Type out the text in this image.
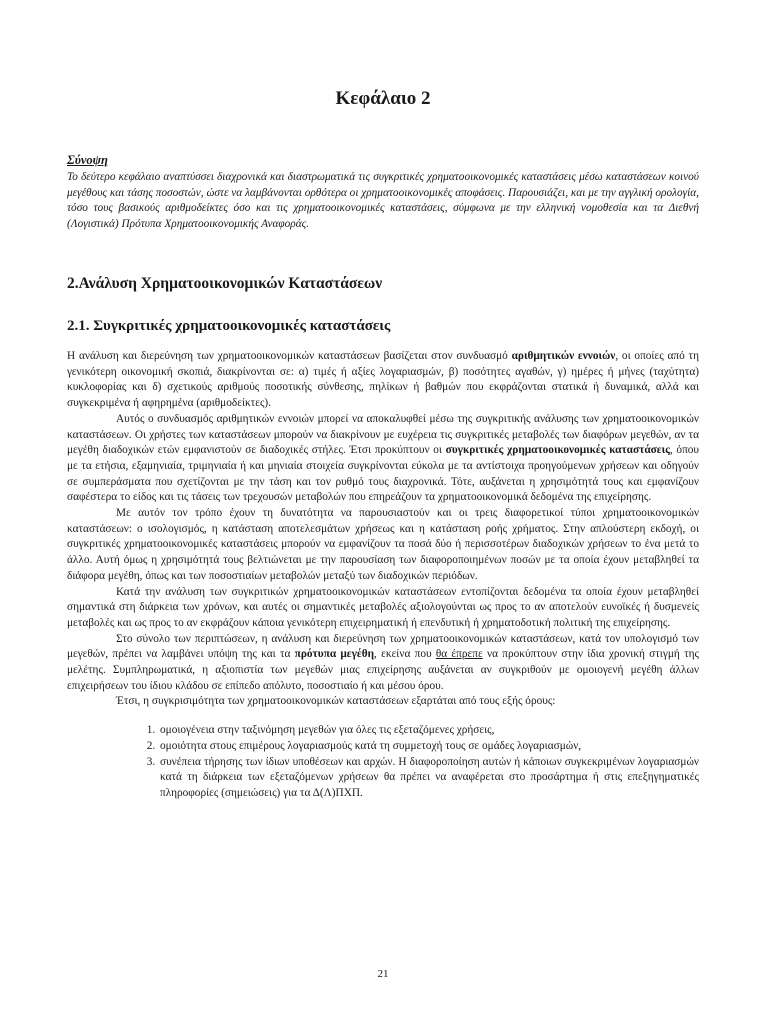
Κεφάλαιο 2
Σύνοψη

Το δεύτερο κεφάλαιο αναπτύσσει διαχρονικά και διαστρωματικά τις συγκριτικές χρηματοοικονομικές καταστάσεις μέσω καταστάσεων κοινού μεγέθους και τάσης ποσοστών, ώστε να λαμβάνονται ορθότερα οι χρηματοοικονομικές αποφάσεις. Παρουσιάζει, και με την αγγλική ορολογία, τόσο τους βασικούς αριθμοδείκτες όσο και τις χρηματοοικονομικές καταστάσεις, σύμφωνα με την ελληνική νομοθεσία και τα Διεθνή (Λογιστικά) Πρότυπα Χρηματοοικονομικής Αναφοράς.

2.Ανάλυση Χρηματοοικονομικών Καταστάσεων
2.1. Συγκριτικές χρηματοοικονομικές καταστάσεις

Η ανάλυση και διερεύνηση των χρηματοοικονομικών καταστάσεων βασίζεται στον συνδυασμό αριθμητικών εννοιών, οι οποίες από τη γενικότερη οικονομική σκοπιά, διακρίνονται σε: α) τιμές ή αξίες λογαριασμών, β) ποσότητες αγαθών, γ) ημέρες ή μήνες (ταχύτητα) κυκλοφορίας και δ) σχετικούς αριθμούς ποσοτικής σύνθεσης, πηλίκων ή βαθμών που εκφράζονται στατικά ή δυναμικά, αλλά και συγκεκριμένα ή αφηρημένα (αριθμοδείκτες).

Αυτός ο συνδυασμός αριθμητικών εννοιών μπορεί να αποκαλυφθεί μέσω της συγκριτικής ανάλυσης των χρηματοοικονομικών καταστάσεων. Οι χρήστες των καταστάσεων μπορούν να διακρίνουν με ευχέρεια τις συγκριτικές μεταβολές των διαφόρων μεγεθών, αν τα μεγέθη διαδοχικών ετών εμφανιστούν σε διαδοχικές στήλες. Έτσι προκύπτουν οι συγκριτικές χρηματοοικονομικές καταστάσεις, όπου με τα ετήσια, εξαμηνιαία, τριμηνιαία ή και μηνιαία στοιχεία συγκρίνονται εύκολα με τα αντίστοιχα προηγούμενων χρήσεων και οδηγούν σε συμπεράσματα που σχετίζονται με την τάση και τον ρυθμό τους διαχρονικά. Τότε, αυξάνεται η χρησιμότητά τους και εμφανίζουν σαφέστερα το είδος και τις τάσεις των τρεχουσών μεταβολών που επηρεάζουν τα χρηματοοικονομικά δεδομένα της επιχείρησης.

Με αυτόν τον τρόπο έχουν τη δυνατότητα να παρουσιαστούν και οι τρεις διαφορετικοί τύποι χρηματοοικονομικών καταστάσεων: ο ισολογισμός, η κατάσταση αποτελεσμάτων χρήσεως και η κατάσταση ροής χρήματος. Στην απλούστερη εκδοχή, οι συγκριτικές χρηματοοικονομικές καταστάσεις μπορούν να εμφανίζουν τα ποσά δύο ή περισσοτέρων διαδοχικών χρήσεων το ένα μετά το άλλο. Αυτή όμως η χρησιμότητά τους βελτιώνεται με την παρουσίαση των διαφοροποιημένων ποσών με τα οποία έχουν μεταβληθεί τα διάφορα μεγέθη, όπως και των ποσοστιαίων μεταβολών μεταξύ των διαδοχικών περιόδων.

Κατά την ανάλυση των συγκριτικών χρηματοοικονομικών καταστάσεων εντοπίζονται δεδομένα τα οποία έχουν μεταβληθεί σημαντικά στη διάρκεια των χρόνων, και αυτές οι σημαντικές μεταβολές αξιολογούνται ως προς το αν αποτελούν ευνοϊκές ή δυσμενείς μεταβολές και ως προς το αν εκφράζουν κάποια γενικότερη επιχειρηματική ή επενδυτική ή χρηματοδοτική πολιτική της επιχείρησης.

Στο σύνολο των περιπτώσεων, η ανάλυση και διερεύνηση των χρηματοοικονομικών καταστάσεων, κατά τον υπολογισμό των μεγεθών, πρέπει να λαμβάνει υπόψη της και τα πρότυπα μεγέθη, εκείνα που θα έπρεπε να προκύπτουν στην ίδια χρονική στιγμή της μελέτης. Συμπληρωματικά, η αξιοπιστία των μεγεθών μιας επιχείρησης αυξάνεται αν συγκριθούν με ομοιογενή μεγέθη άλλων επιχειρήσεων του ίδιου κλάδου σε επίπεδο απόλυτο, ποσοστιαίο ή και μέσου όρου.

Έτσι, η συγκρισιμότητα των χρηματοοικονομικών καταστάσεων εξαρτάται από τους εξής όρους:

1. ομοιογένεια στην ταξινόμηση μεγεθών για όλες τις εξεταζόμενες χρήσεις,
2. ομοιότητα στους επιμέρους λογαριασμούς κατά τη συμμετοχή τους σε ομάδες λογαριασμών,
3. συνέπεια τήρησης των ίδιων υποθέσεων και αρχών. Η διαφοροποίηση αυτών ή κάποιων συγκεκριμένων λογαριασμών κατά τη διάρκεια των εξεταζόμενων χρήσεων θα πρέπει να αναφέρεται στο προσάρτημα ή στις επεξηγηματικές πληροφορίες (σημειώσεις) για τα Δ(Λ)ΠΧΠ.
21
